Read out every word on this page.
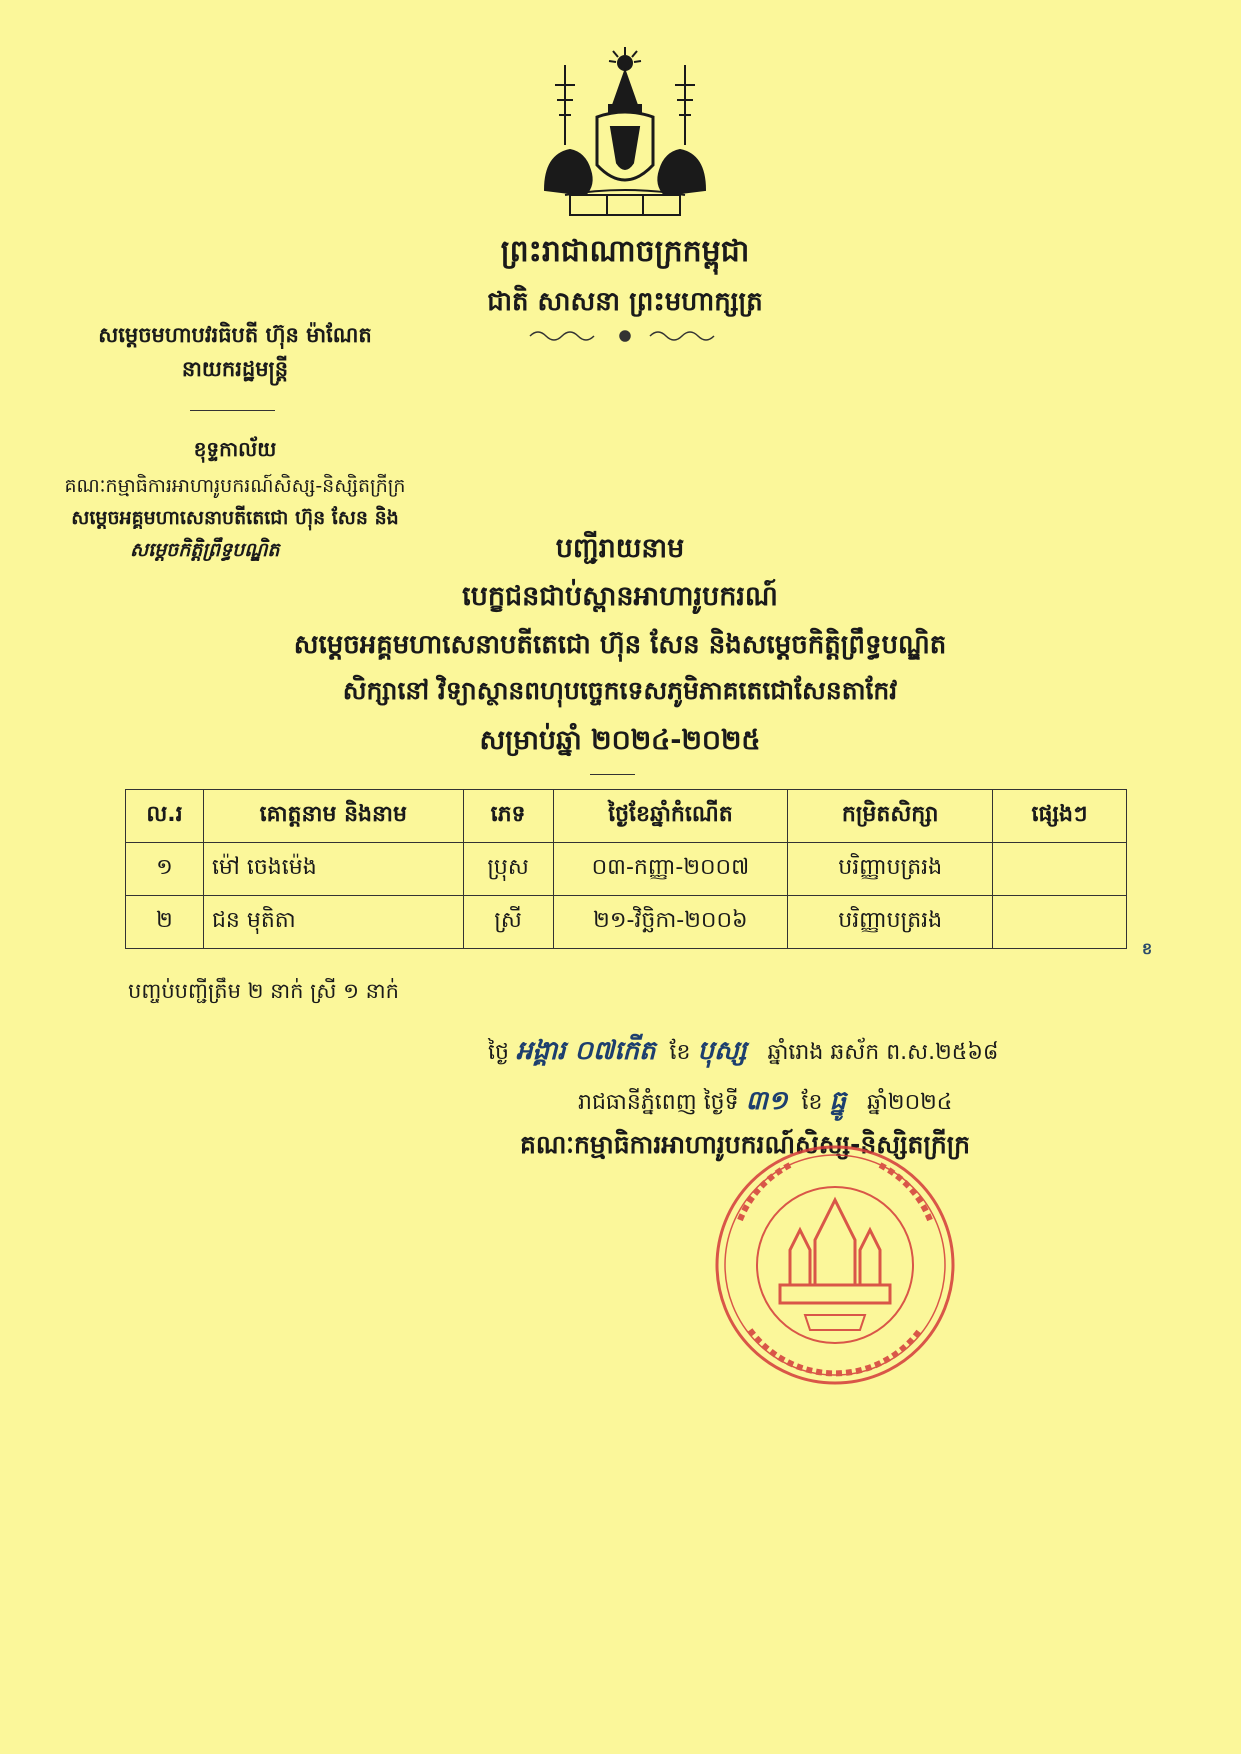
ព្រះរាជាណាចក្រកម្ពុជា
ជាតិ សាសនា ព្រះមហាក្សត្រ
សម្តេចមហាបវរធិបតី ហ៊ុន ម៉ាណែត
នាយករដ្ឋមន្ត្រី
ខុទ្ទកាល័យ
គណៈកម្មាធិការអាហារូបករណ៍សិស្ស-និស្សិតក្រីក្រ
សម្តេចអគ្គមហាសេនាបតីតេជោ ហ៊ុន សែន និង
សម្តេចកិត្តិព្រឹទ្ធបណ្ឌិត	បញ្ជីរាយនាម
បេក្ខជនជាប់ស្ពានអាហារូបករណ៍
សម្តេចអគ្គមហាសេនាបតីតេជោ ហ៊ុន សែន និងសម្តេចកិត្តិព្រឹទ្ធបណ្ឌិត
សិក្សានៅ វិទ្យាស្ថានពហុបច្ចេកទេសភូមិភាគតេជោសែនតាកែវ
សម្រាប់ឆ្នាំ ២០២៤-២០២៥
ល.រ	គោត្តនាម និងនាម	ភេទ	ថ្ងៃខែឆ្នាំកំណើត	កម្រិតសិក្សា	ផ្សេងៗ
១	ម៉ៅ ចេងម៉េង	ប្រុស	០៣-កញ្ញា-២០០៧	បរិញ្ញាបត្ររង	
២	ជន មុតិតា	ស្រី	២១-វិច្ឆិកា-២០០៦	បរិញ្ញាបត្ររង	
ខ
បញ្ចប់បញ្ជីត្រឹម ២ នាក់ ស្រី ១ នាក់
ថ្ងៃ អង្គារ ០៧កើត ខែ បុស្ស ឆ្នាំរោង ឆស័ក ព.ស.២៥៦៨
រាជធានីភ្នំពេញ ថ្ងៃទី ៣១ ខែ ធ្នូ ឆ្នាំ២០២៤
គណៈកម្មាធិការអាហារូបករណ៍សិស្ស-និស្សិតក្រីក្រ
